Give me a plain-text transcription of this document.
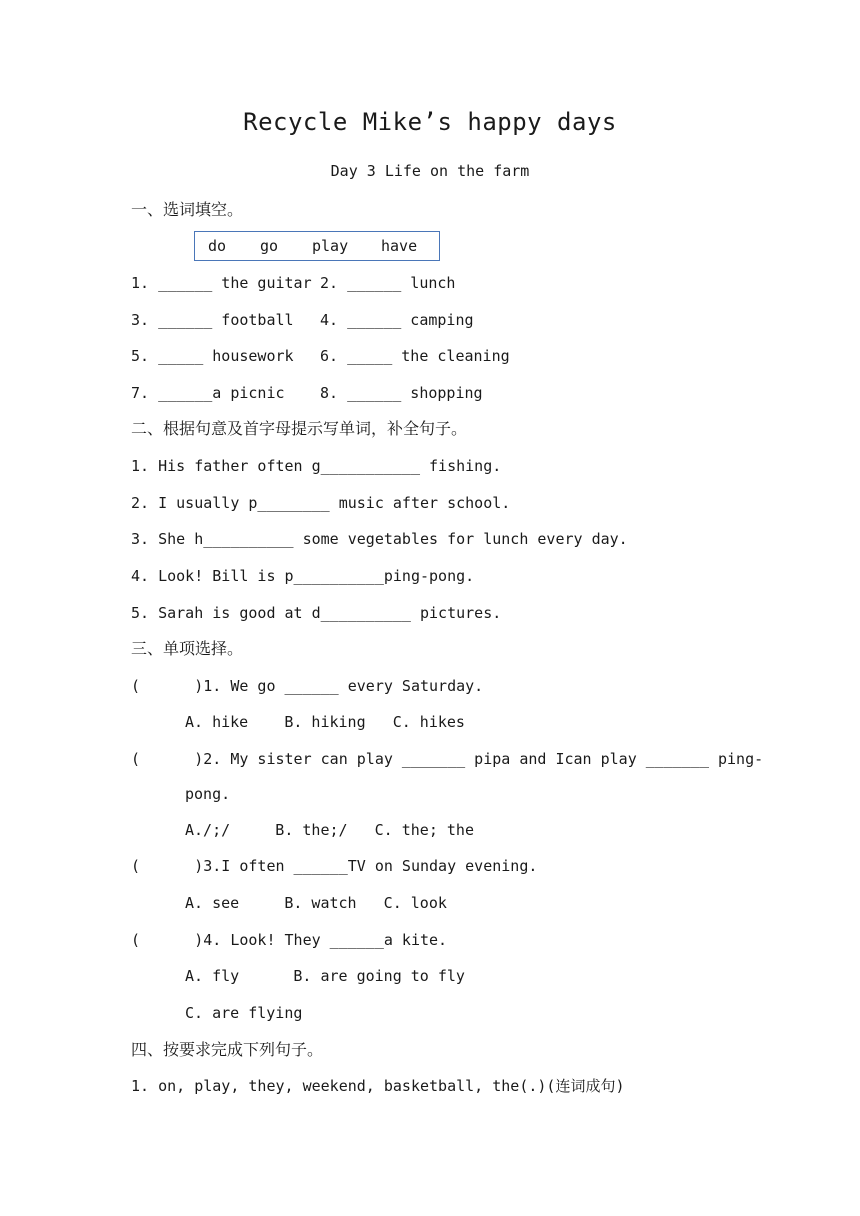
Recycle Mike’s happy days
Day 3 Life on the farm
一、选词填空。
do go play have
1. ______ the guitar 2. ______ lunch
3. ______ football 4. ______ camping
5. _____ housework 6. _____ the cleaning
7. ______a picnic 8. ______ shopping
二、根据句意及首字母提示写单词，补全句子。
1. His father often g___________ fishing.
2. I usually p________ music after school.
3. She h__________ some vegetables for lunch every day.
4. Look! Bill is p__________ping-pong.
5. Sarah is good at d__________ pictures.
三、单项选择。
(      )1. We go ______ every Saturday.
A. hike    B. hiking   C. hikes
(      )2. My sister can play _______ pipa and Ican play _______ ping-
pong.
A./;/     B. the;/   C. the; the
(      )3.I often ______TV on Sunday evening.
A. see     B. watch   C. look
(      )4. Look! They ______a kite.
A. fly      B. are going to fly
C. are flying
四、按要求完成下列句子。
1. on, play, they, weekend, basketball, the(.)(连词成句)
